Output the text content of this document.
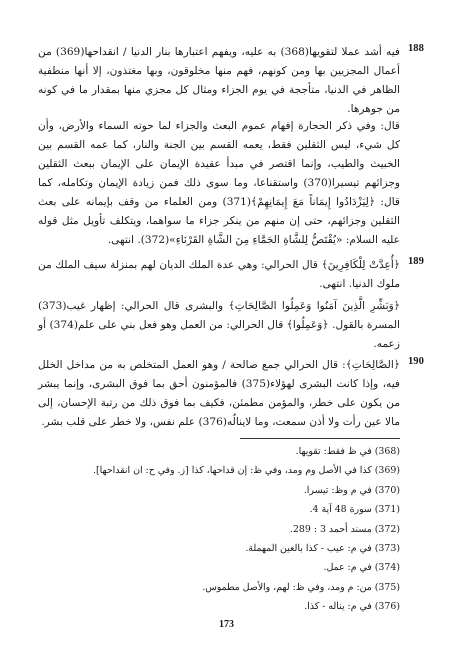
188

فيه أشد عملا لتقويها(368) به عليه، ويفهم اعتبارها بنار الدنيا / انقداحها(369) من أعمال المجزيين بها ومن كونهم، فهم منها مخلوقون، وبها مغتذون، إلا أنها منطفية الظاهر في الدنيا، متأججة في يوم الجزاء ومثال كل مجزي منها بمقدار ما في كونه من جوهرها.

قال: وفي ذكر الحجارة إفهام عموم البعث والجزاء لما حوته السماء والأرض، وأن كل شيء، ليس الثقلين فقط، يعمه القسم بين الجنة والنار، كما عمه القسم بين الخبيث والطيب، وإنما اقتصر في مبدأ عقيدة الإيمان على الإيمان ببعث الثقلين وجزائهم تيسيرا(370) واستقناعا، وما سوى ذلك فمن زيادة الإيمان وتكامله، كما قال: ﴿لِيَزْدَادُوا إِيمَاناً مَعَ إِيمَانِهِمْ﴾(371) ومن العلماء من وقف بإيمانه على بعث الثقلين وجزائهم، حتى إن منهم من ينكر جزاء ما سواهما، ويتكلف تأويل مثل قوله عليه السلام: «يُقْتَصُّ لِلشَّاةِ الجَمَّاءِ مِنَ الشَّاةِ القَرْنَاءِ»(372). انتهى.

189

﴿أُعِدَّتْ لِلْكَافِرِينَ﴾ قال الحرالي: وهي عدة الملك الديان لهم بمنزلة سيف الملك من ملوك الدنيا. انتهى.

﴿وَبَشِّرِ الَّذِينَ آمَنُوا وَعَمِلُوا الصَّالِحَاتِ﴾ والبشرى قال الحرالي: إظهار غيب(373) المسرة بالقول. ﴿وَعَمِلُوا﴾ قال الحرالي: من العمل وهو فعل بني على علم(374) أو زعمه.

190

﴿الصَّالِحَاتِ﴾: قال الحرالي جمع صالحة / وهو العمل المتخلص به من مداخل الخلل فيه، وإذا كانت البشرى لهؤلاء(375) فالمؤمنون أحق بما فوق البشرى، وإنما يبشر من يكون على خطر، والمؤمن مطمئن، فكيف بما فوق ذلك من رتبة الإحسان، إلى مالا عين رأت ولا أذن سمعت، وما لاينالُه(376) علم نفس، ولا خطر على قلب بشر.

(368) في ظ فقط: تقويها.
(369) كذا في الأصل وم ومد، وفي ظ: إن قداحها، كذا [ز. وفي ح: ان انقداحها].
(370) في م وظ: تيسرا.
(371) سورة 48 آية 4.
(372) مسند أحمد 3 : 289.
(373) في م: عيب - كذا بالعين المهملة.
(374) في م: عمل.
(375) من: م ومد، وفي ظ: لهم، والأصل مطموس.
(376) في م: يناله - كذا.
173
